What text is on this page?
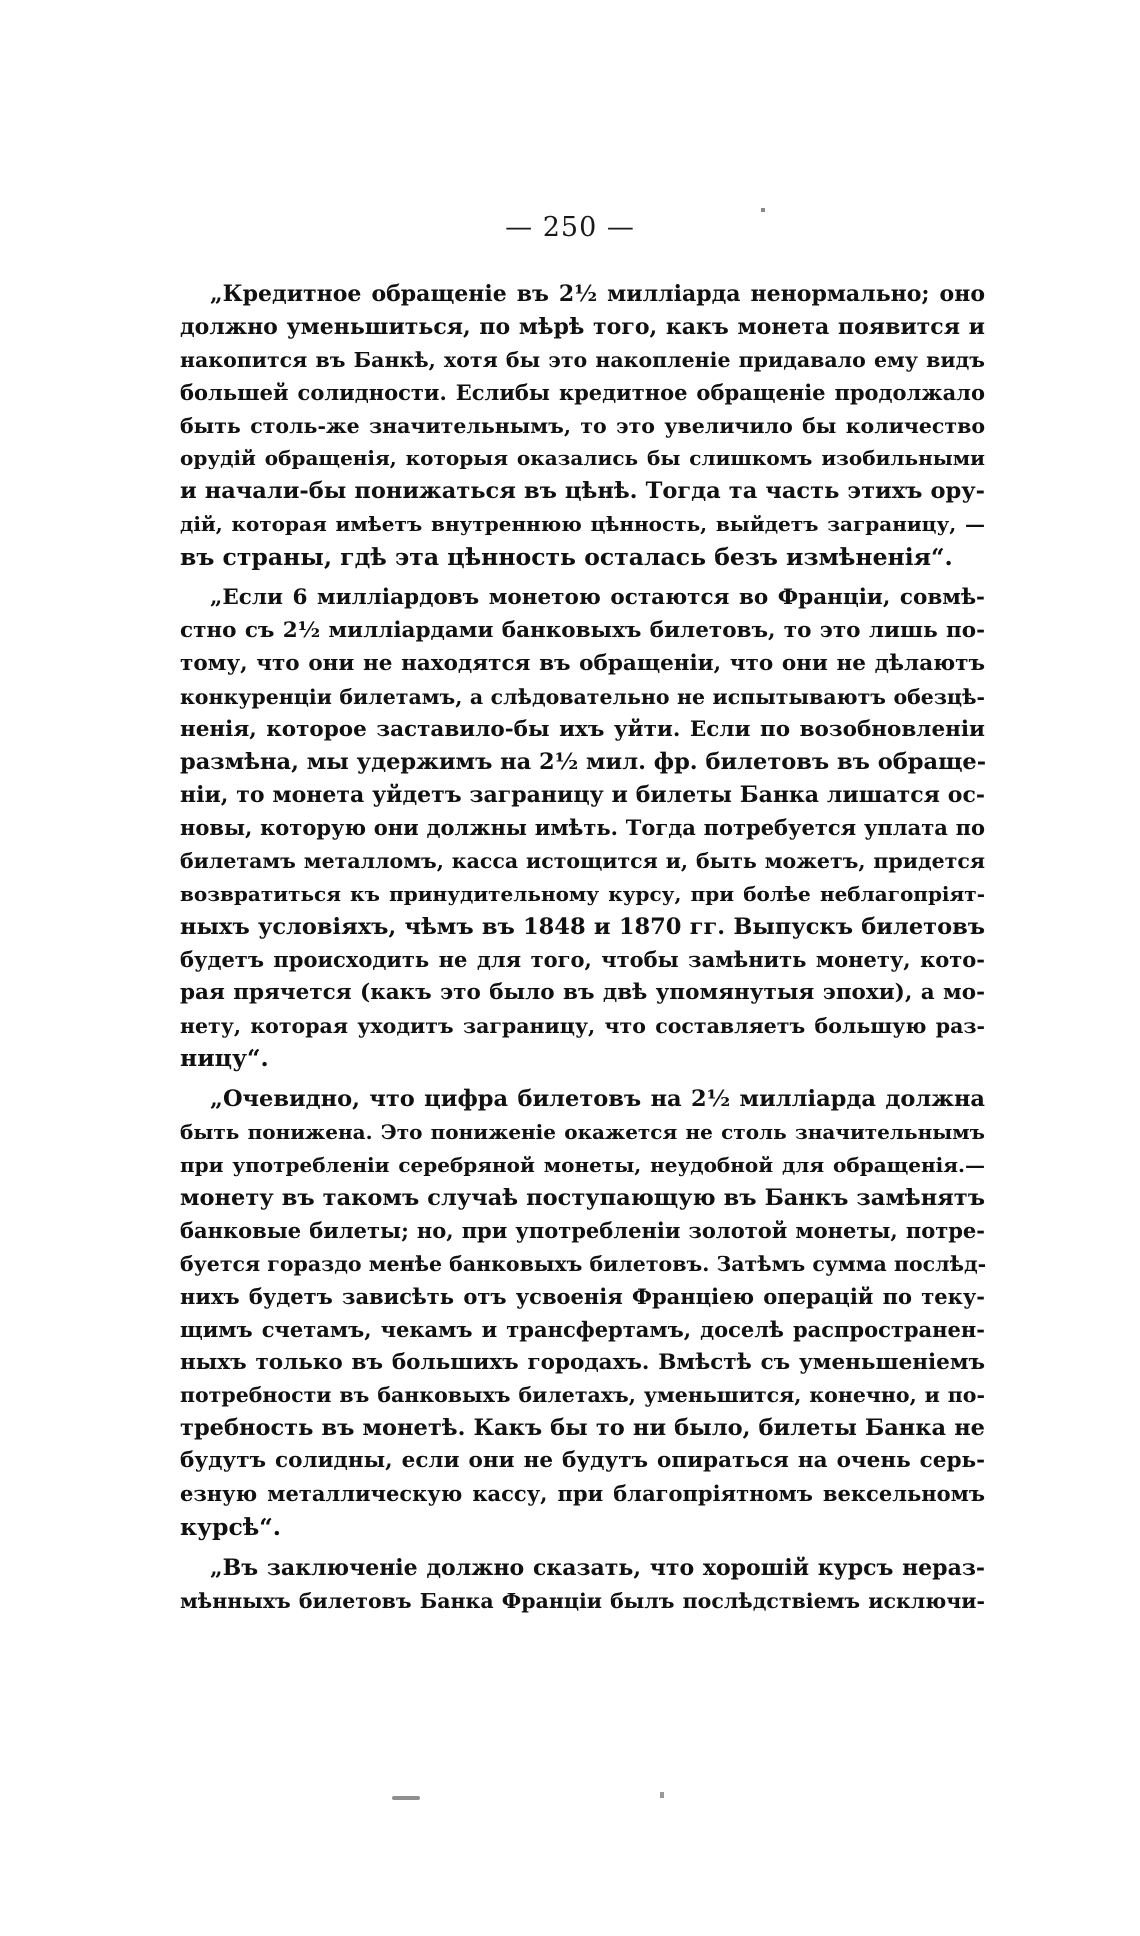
— 250 —
„Кредитное обращеніе въ 2½ милліарда ненормально; оно
должно уменьшиться, по мѣрѣ того, какъ монета появится и
накопится въ Банкѣ, хотя бы это накопленіе придавало ему видъ
большей солидности. Еслибы кредитное обращеніе продолжало
быть столь-же значительнымъ, то это увеличило бы количество
орудій обращенія, которыя оказались бы слишкомъ изобильными
и начали-бы понижаться въ цѣнѣ. Тогда та часть этихъ ору-
дій, которая имѣетъ внутреннюю цѣнность, выйдетъ заграницу, —
въ страны, гдѣ эта цѣнность осталась безъ измѣненія“.
„Если 6 милліардовъ монетою остаются во Франціи, совмѣ-
стно съ 2½ милліардами банковыхъ билетовъ, то это лишь по-
тому, что они не находятся въ обращеніи, что они не дѣлаютъ
конкуренціи билетамъ, а слѣдовательно не испытываютъ обезцѣ-
ненія, которое заставило-бы ихъ уйти. Если по возобновленіи
размѣна, мы удержимъ на 2½ мил. фр. билетовъ въ обраще-
ніи, то монета уйдетъ заграницу и билеты Банка лишатся ос-
новы, которую они должны имѣть. Тогда потребуется уплата по
билетамъ металломъ, касса истощится и, быть можетъ, придется
возвратиться къ принудительному курсу, при болѣе неблагопріят-
ныхъ условіяхъ, чѣмъ въ 1848 и 1870 гг. Выпускъ билетовъ
будетъ происходить не для того, чтобы замѣнить монету, кото-
рая прячется (какъ это было въ двѣ упомянутыя эпохи), а мо-
нету, которая уходитъ заграницу, что составляетъ большую раз-
ницу“.
„Очевидно, что цифра билетовъ на 2½ милліарда должна
быть понижена. Это пониженіе окажется не столь значительнымъ
при употребленіи серебряной монеты, неудобной для обращенія.—
монету въ такомъ случаѣ поступающую въ Банкъ замѣнятъ
банковые билеты; но, при употребленіи золотой монеты, потре-
буется гораздо менѣе банковыхъ билетовъ. Затѣмъ сумма послѣд-
нихъ будетъ зависѣть отъ усвоенія Франціею операцій по теку-
щимъ счетамъ, чекамъ и трансфертамъ, доселѣ распространен-
ныхъ только въ большихъ городахъ. Вмѣстѣ съ уменьшеніемъ
потребности въ банковыхъ билетахъ, уменьшится, конечно, и по-
требность въ монетѣ. Какъ бы то ни было, билеты Банка не
будутъ солидны, если они не будутъ опираться на очень серь-
езную металлическую кассу, при благопріятномъ вексельномъ
курсѣ“.
„Въ заключеніе должно сказать, что хорошій курсъ нераз-
мѣнныхъ билетовъ Банка Франціи былъ послѣдствіемъ исключи-
